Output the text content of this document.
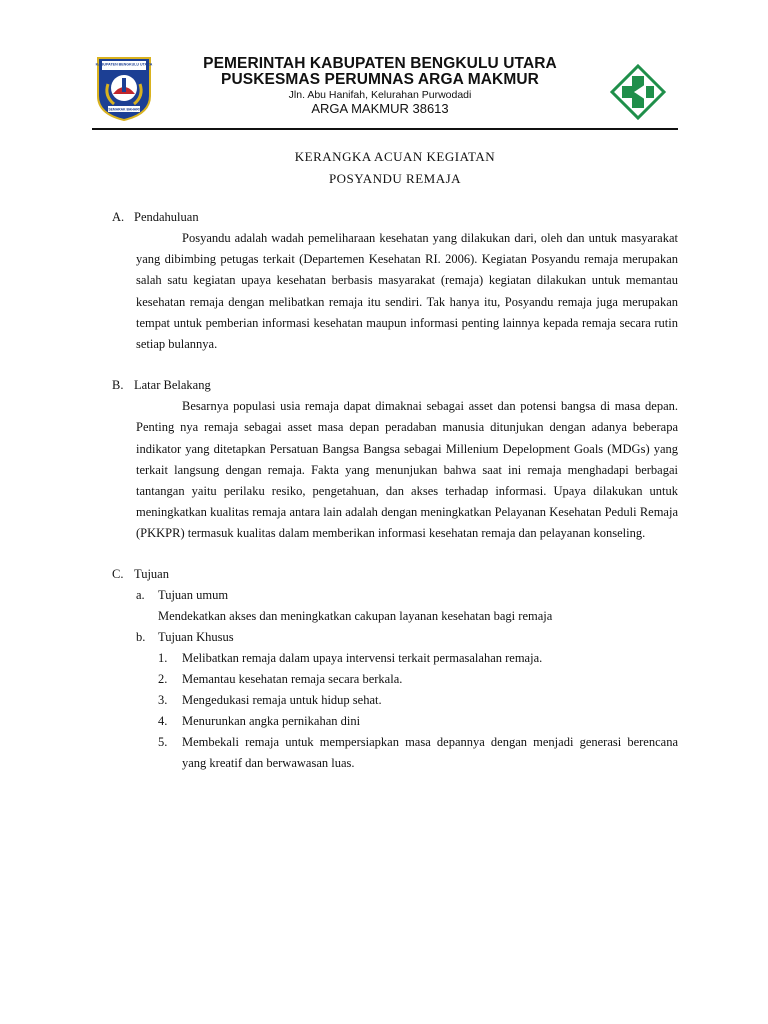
KABUPATEN BENGKULU UTARA
SEMARAK BAHARI
PEMERINTAH KABUPATEN BENGKULU UTARA
PUSKESMAS PERUMNAS ARGA MAKMUR
Jln. Abu Hanifah, Kelurahan Purwodadi
ARGA MAKMUR 38613
KERANGKA ACUAN KEGIATAN
POSYANDU REMAJA
A. Pendahuluan
Posyandu adalah wadah pemeliharaan kesehatan yang dilakukan dari, oleh dan untuk masyarakat yang dibimbing petugas terkait (Departemen Kesehatan RI. 2006). Kegiatan Posyandu remaja merupakan salah satu kegiatan upaya kesehatan berbasis masyarakat (remaja) kegiatan dilakukan untuk memantau kesehatan remaja dengan melibatkan remaja itu sendiri. Tak hanya itu, Posyandu remaja juga merupakan tempat untuk pemberian informasi kesehatan maupun informasi penting lainnya kepada remaja secara rutin setiap bulannya.
B. Latar Belakang
Besarnya populasi usia remaja dapat dimaknai sebagai asset dan potensi bangsa di masa depan. Penting nya remaja sebagai asset masa depan peradaban manusia ditunjukan dengan adanya beberapa indikator yang ditetapkan Persatuan Bangsa Bangsa sebagai Millenium Depelopment Goals (MDGs) yang terkait langsung dengan remaja. Fakta yang menunjukan bahwa saat ini remaja menghadapi berbagai tantangan yaitu perilaku resiko, pengetahuan, dan akses terhadap informasi. Upaya dilakukan untuk meningkatkan kualitas remaja antara lain adalah dengan meningkatkan Pelayanan Kesehatan Peduli Remaja (PKKPR) termasuk kualitas dalam memberikan informasi kesehatan remaja dan pelayanan konseling.
C. Tujuan
a.	Tujuan umum
Mendekatkan akses dan meningkatkan cakupan layanan kesehatan bagi remaja
b.	Tujuan Khusus
1.	Melibatkan remaja dalam upaya intervensi terkait permasalahan remaja.
2.	Memantau kesehatan remaja secara berkala.
3.	Mengedukasi remaja untuk hidup sehat.
4.	Menurunkan angka pernikahan dini
5.	Membekali remaja untuk mempersiapkan masa depannya dengan menjadi generasi berencana yang kreatif dan berwawasan luas.
